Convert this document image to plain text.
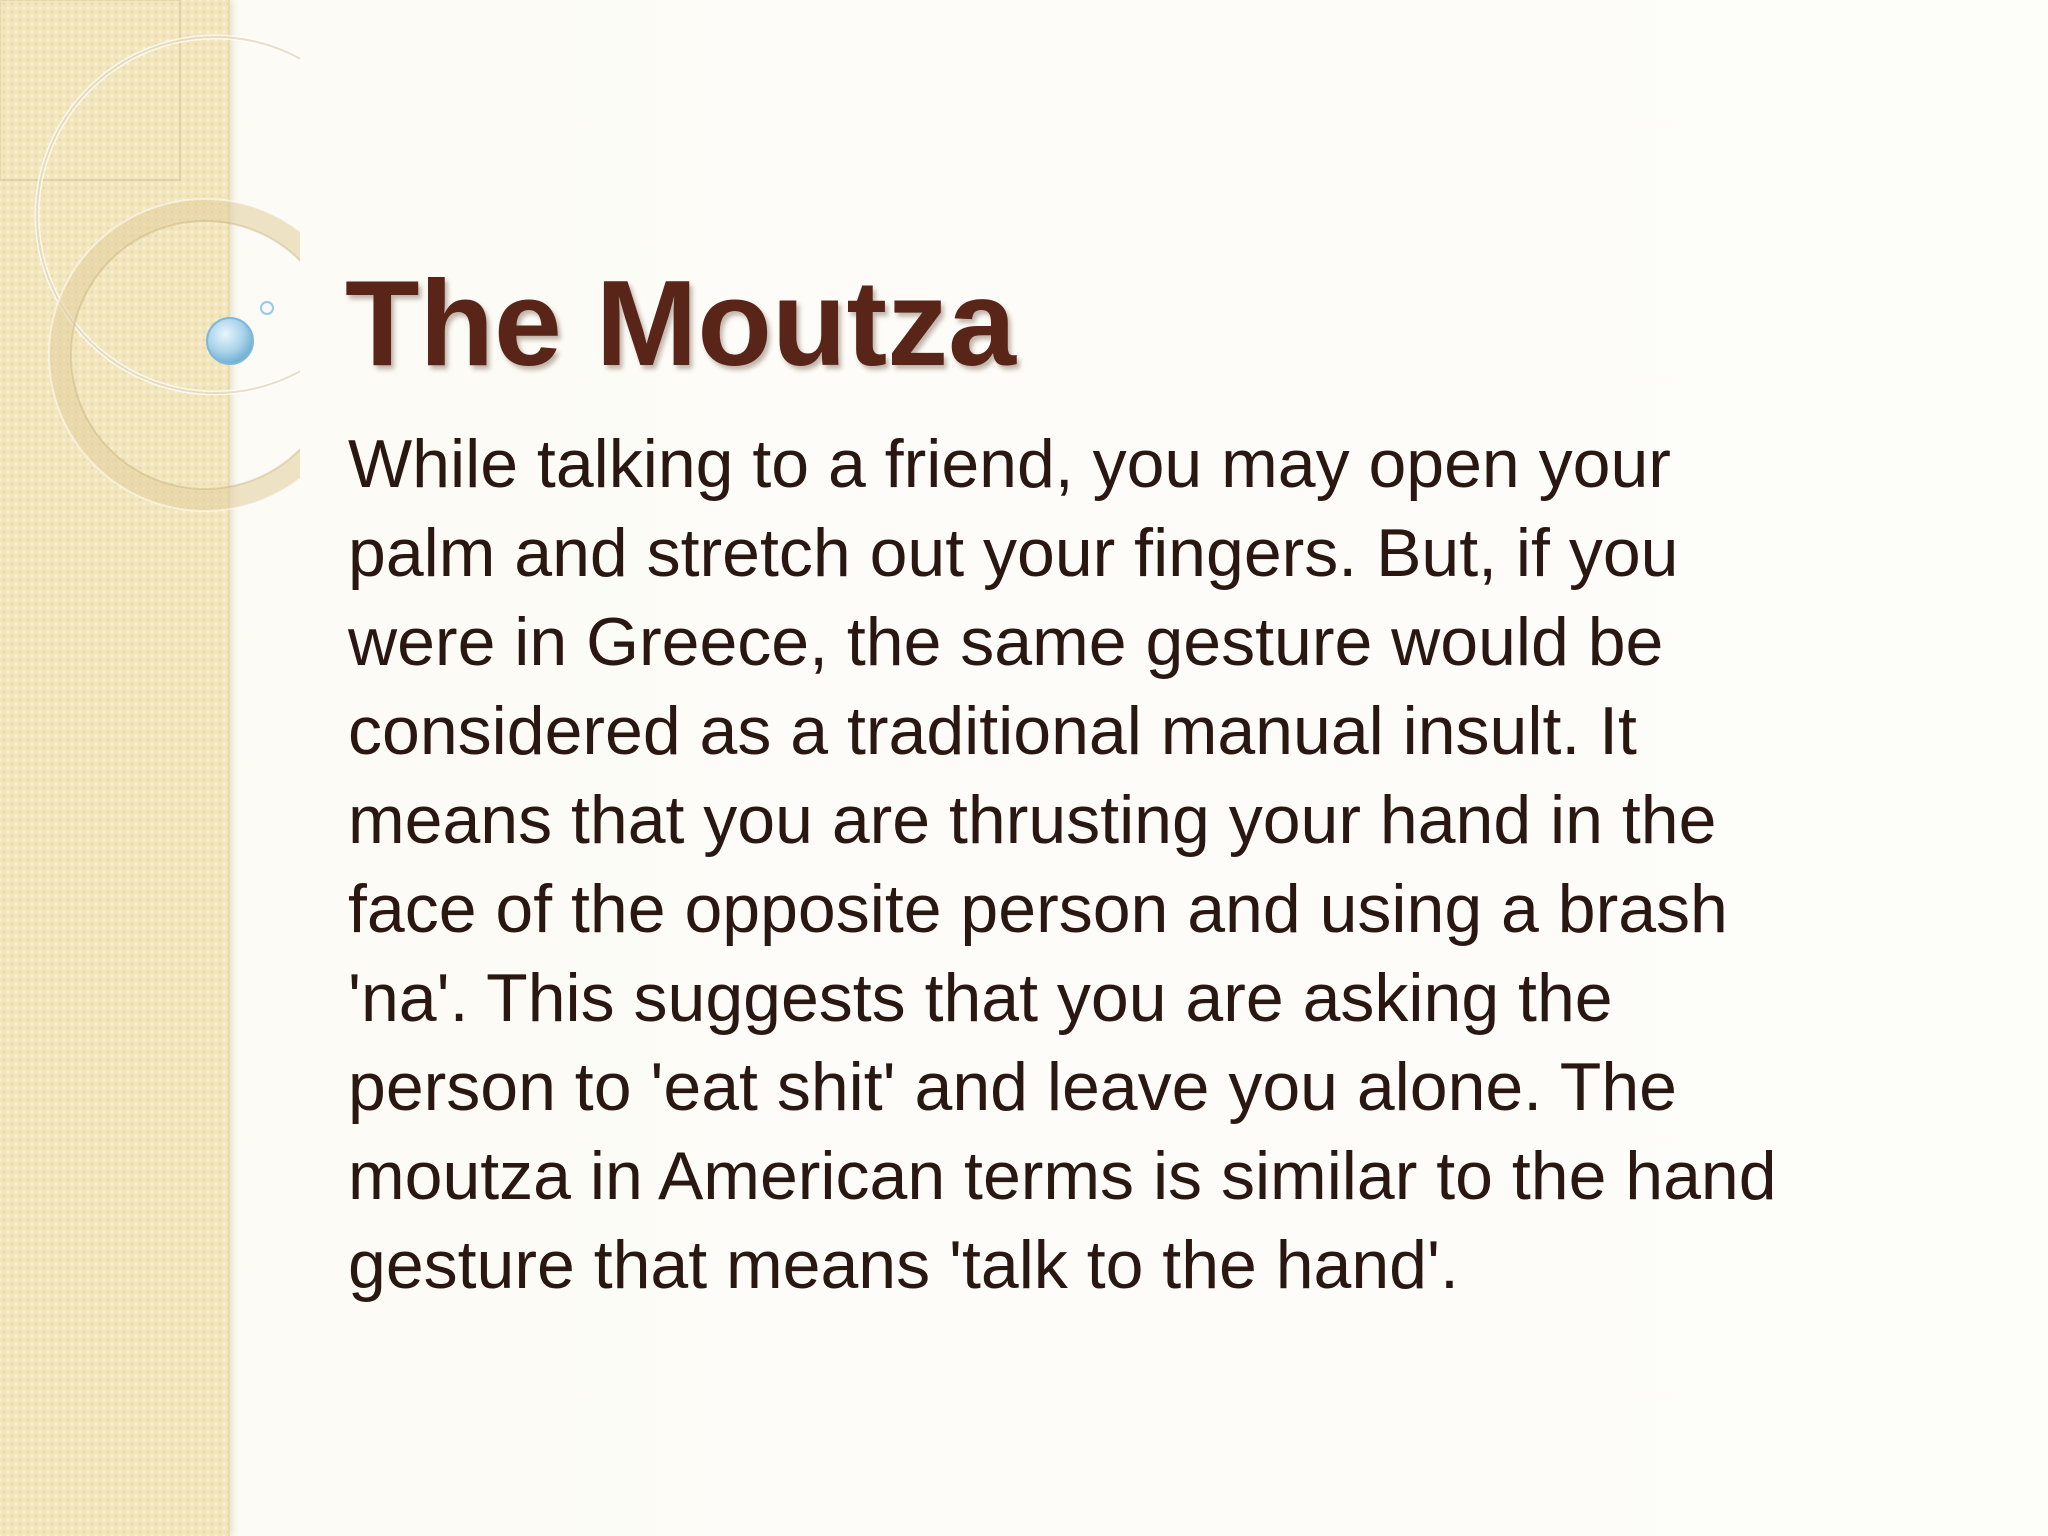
The Moutza
While talking to a friend, you may open your
palm and stretch out your fingers. But, if you
were in Greece, the same gesture would be
considered as a traditional manual insult. It
means that you are thrusting your hand in the
face of the opposite person and using a brash
'na'. This suggests that you are asking the
person to 'eat shit' and leave you alone. The
moutza in American terms is similar to the hand
gesture that means 'talk to the hand'.
